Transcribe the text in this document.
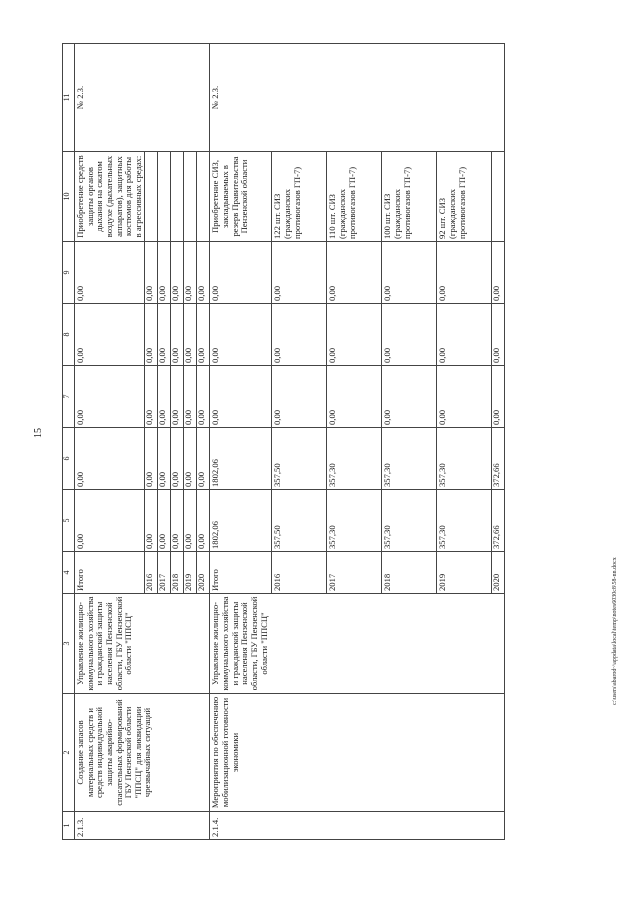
15
c:\users\abarod~\appdata\local\temp\notes6030c8\58-nn.docx
1	2	3	4	5	6	7	8	9	10	11
2.1.3.	Создание запасов материальных средств и средств индивидуальной защиты аварийно-спасательных формирований ГБУ Пензенской области "ППСЦ" для ликвидации чрезвычайных ситуаций	Управление жилищно-коммунального хозяйства и гражданской защиты населения Пензенской области, ГБУ Пензенской области "ППСЦ"	Итого	0,00	0,00	0,00	0,00	0,00	Приобретение средств защиты органов дыхания на сжатом воздухе (дыхательных аппаратов), защитных костюмов для работы в агрессивных средах:	№ 2.3.
			2016	0,00	0,00	0,00	0,00	0,00		
			2017	0,00	0,00	0,00	0,00	0,00		
			2018	0,00	0,00	0,00	0,00	0,00		
			2019	0,00	0,00	0,00	0,00	0,00		
			2020	0,00	0,00	0,00	0,00	0,00		
2.1.4.	Мероприятия по обеспечению мобилизационной готовности экономики	Управление жилищно-коммунального хозяйства и гражданской защиты населения Пензенской области, ГБУ Пензенской области "ППСЦ"	Итого	1802,06	1802,06	0,00	0,00	0,00	Приобретение СИЗ, закладываемых в резерв Правительства Пензенской области	№ 2.3.
			2016	357,50	357,50	0,00	0,00	0,00	122 шт. СИЗ (гражданских противогазов ГП-7)	
			2017	357,30	357,30	0,00	0,00	0,00	110 шт. СИЗ (гражданских противогазов ГП-7)	
			2018	357,30	357,30	0,00	0,00	0,00	100 шт. СИЗ (гражданских противогазов ГП-7)	
			2019	357,30	357,30	0,00	0,00	0,00	92 шт. СИЗ (гражданских противогазов ГП-7)	
			2020	372,66	372,66	0,00	0,00	0,00		
